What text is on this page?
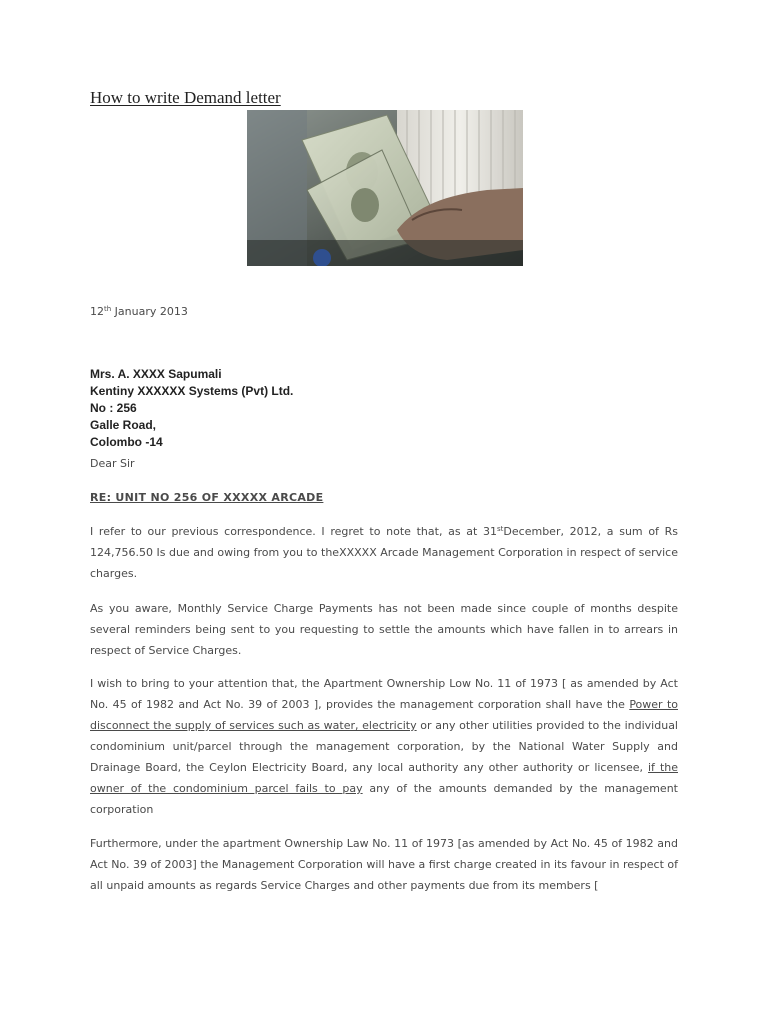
How to write Demand letter
12th January 2013
Mrs. A. XXXX Sapumali
Kentiny XXXXXX Systems (Pvt) Ltd.
No : 256
Galle Road,
Colombo -14
Dear Sir
RE: UNIT NO 256 OF XXXXX ARCADE
I refer to our previous correspondence. I regret to note that, as at 31stDecember, 2012, a sum of Rs 124,756.50 Is due and owing from you to theXXXXX Arcade Management Corporation in respect of service charges.
As you aware, Monthly Service Charge Payments has not been made since couple of months despite several reminders being sent to you requesting to settle the amounts which have fallen in to arrears in respect of Service Charges.
I wish to bring to your attention that, the Apartment Ownership Low No. 11 of 1973 [ as amended by Act No. 45 of 1982 and Act No. 39 of 2003 ], provides the management corporation shall have the Power to disconnect the supply of services such as water, electricity or any other utilities provided to the individual condominium unit/parcel through the management corporation, by the National Water Supply and Drainage Board, the Ceylon Electricity Board, any local authority any other authority or licensee, if the owner of the condominium parcel fails to pay any of the amounts demanded by the management corporation
Furthermore, under the apartment Ownership Law No. 11 of 1973 [as amended by Act No. 45 of 1982 and Act No. 39 of 2003] the Management Corporation will have a first charge created in its favour in respect of all unpaid amounts as regards Service Charges and other payments due from its members [
